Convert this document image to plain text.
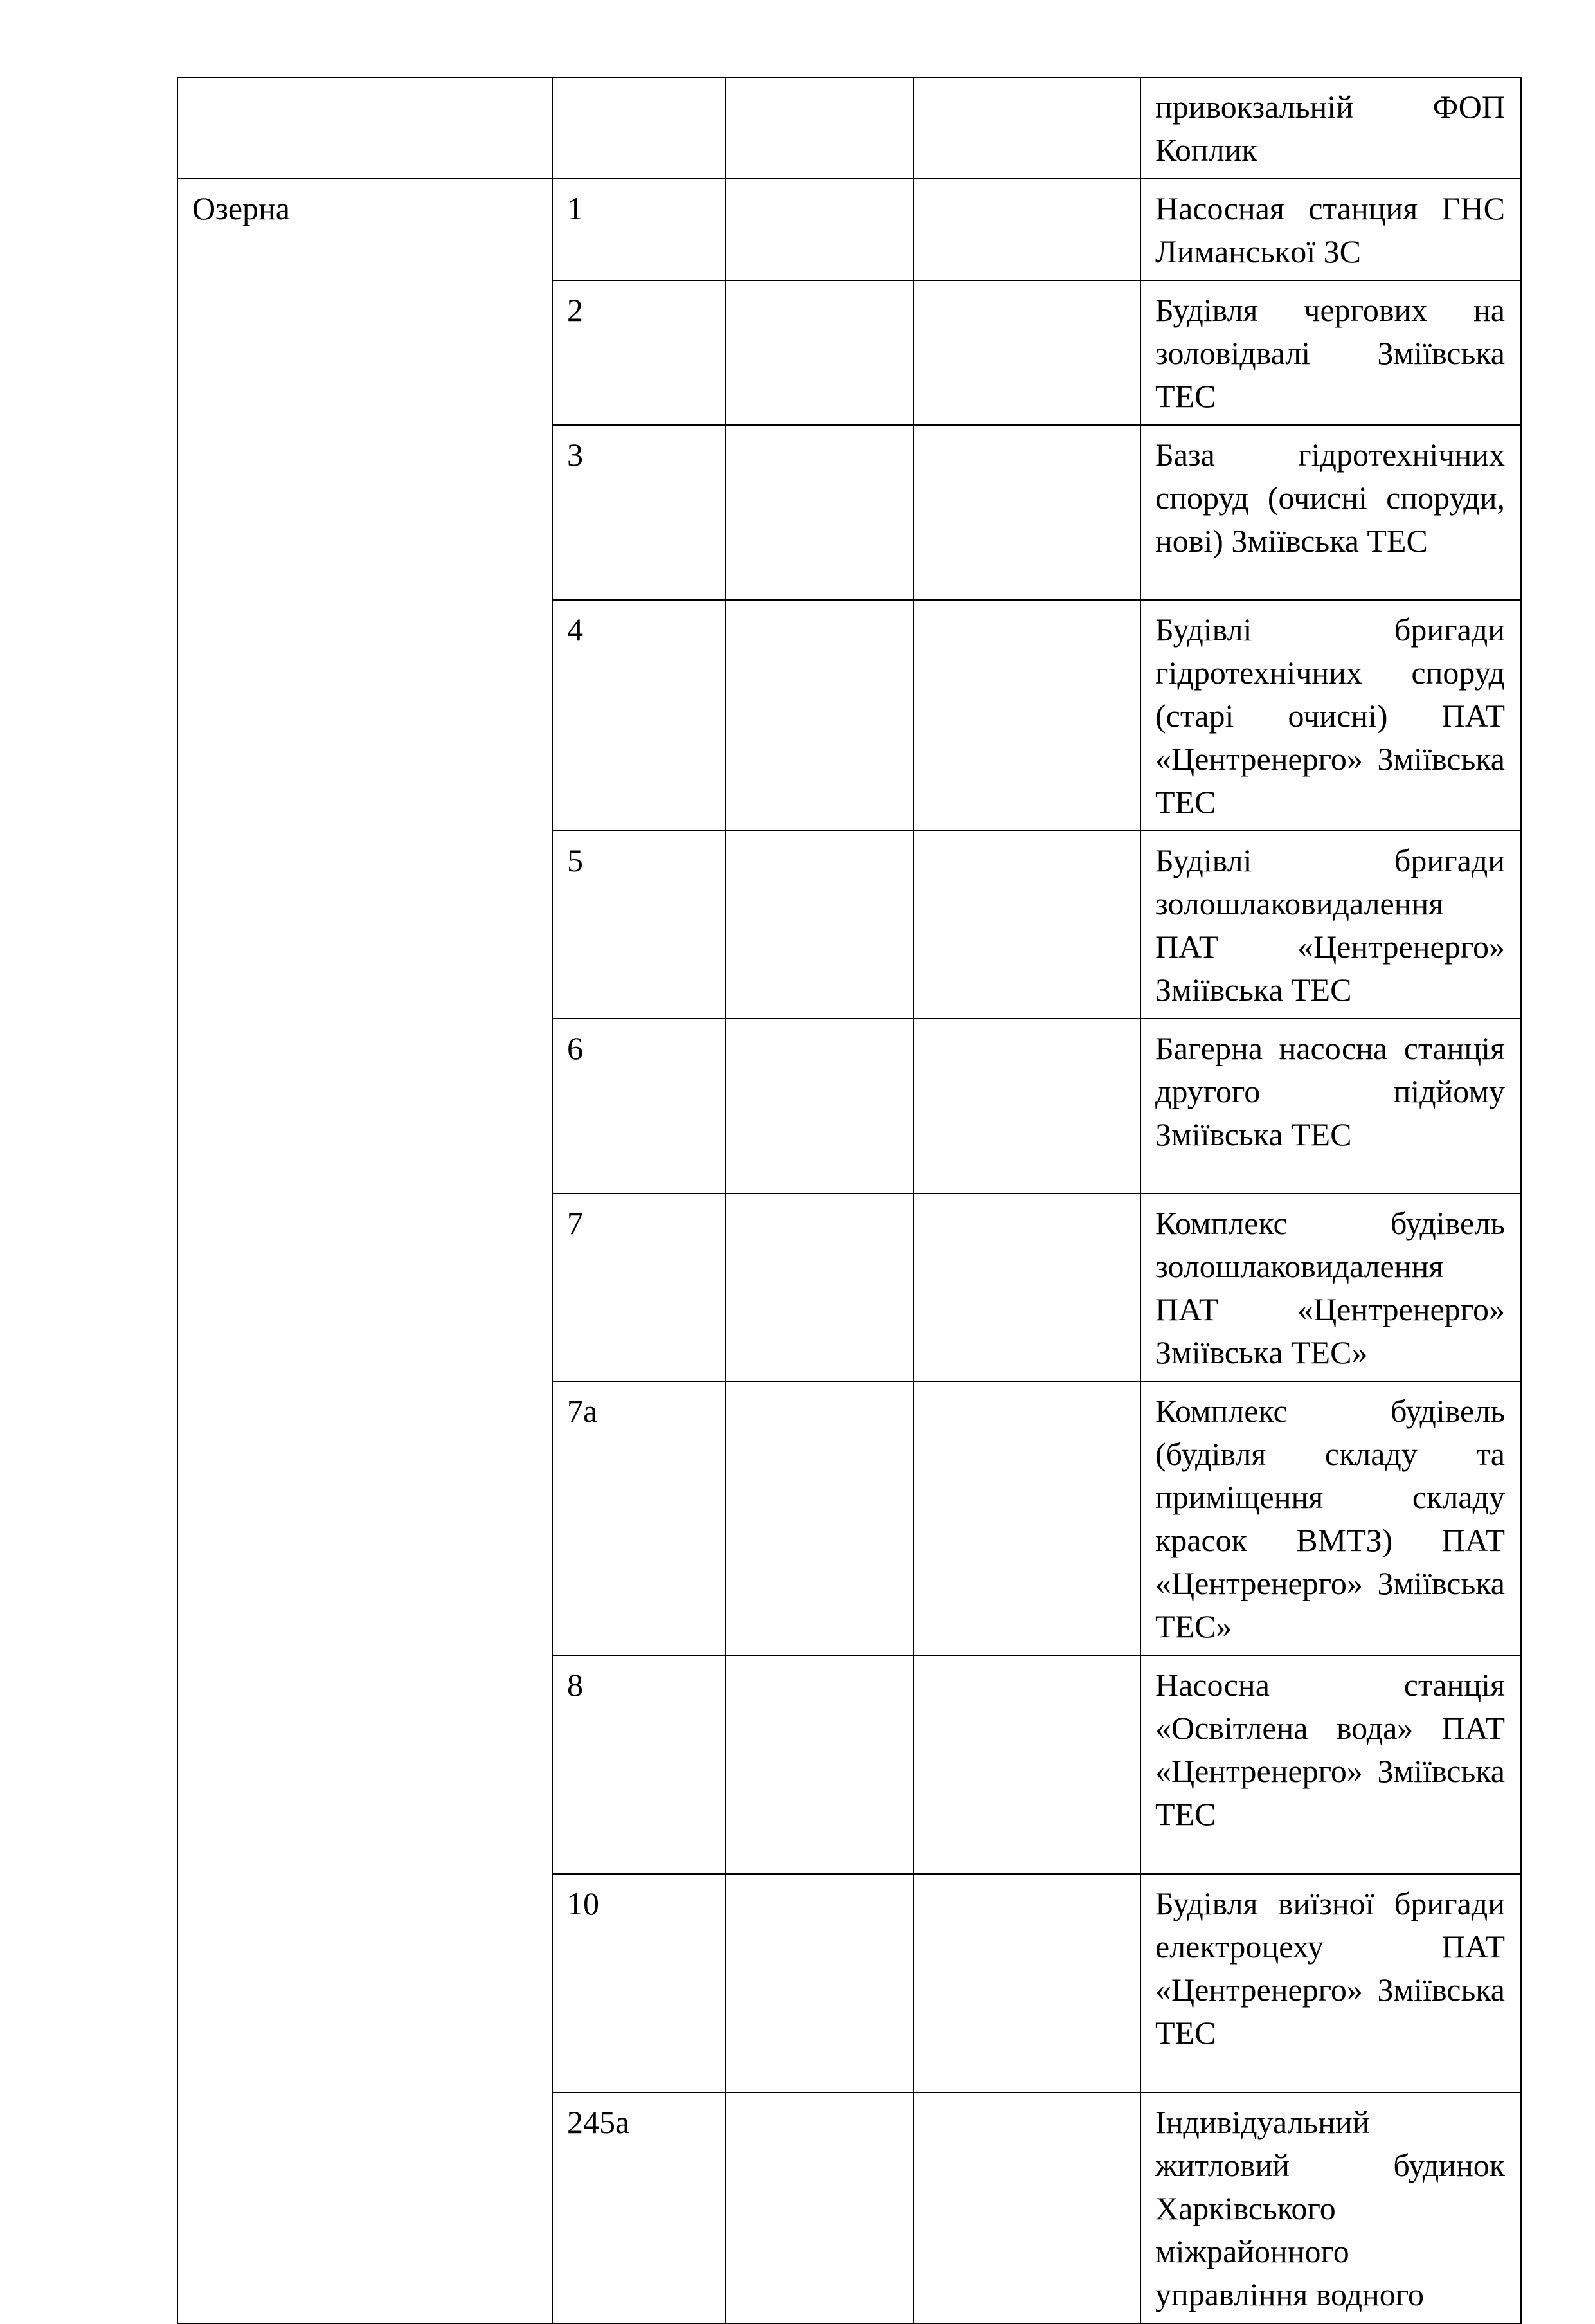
				привокзальній ФОП Коплик
Озерна	1			Насосная станция ГНС Лиманськoї ЗС
	2			Будівля чергових на золовідвалі Зміївська ТЕС
	3			База гідротехнічних споруд (очисні споруди, нові) Зміївська ТЕС
	4			Будівлі бригади гідротехнічних споруд (старі очисні) ПАТ «Центренерго» Зміївська ТЕС
	5			Будівлі бригади золошлаковидалення ПАТ «Центренерго» Зміївська ТЕС
	6			Багерна насосна станція другого підйому Зміївська ТЕС
	7			Комплекс будівель золошлаковидалення ПАТ «Центренерго» Зміївська ТЕС»
	7а			Комплекс будівель (будівля складу та приміщення складу красок ВМТЗ) ПАТ «Центренерго» Зміївська ТЕС»
	8			Насосна станція «Освітлена вода» ПАТ «Центренерго» Зміївська ТЕС
	10			Будівля виїзної бригади електроцеху ПАТ «Центренерго» Зміївська ТЕС
	245а			Індивідуальний житловий будинок Харківського міжрайонного управління водного
